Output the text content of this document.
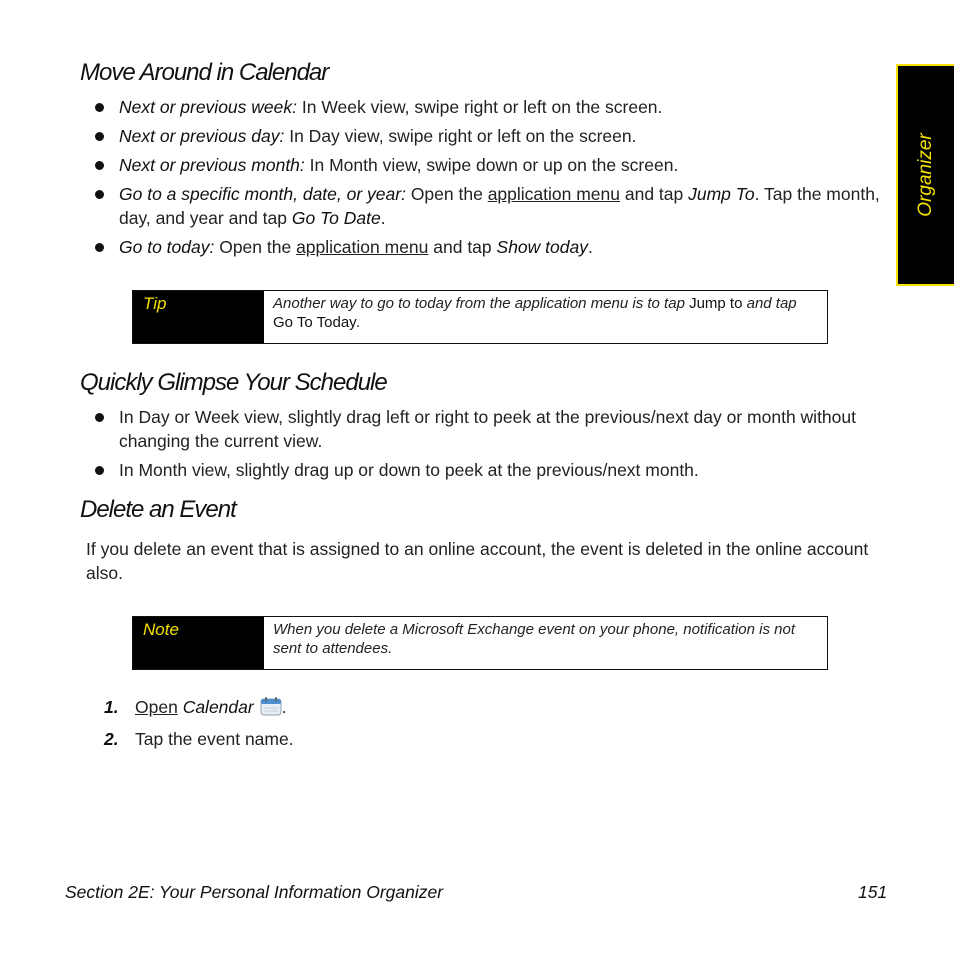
Organizer
Move Around in Calendar
Next or previous week: In Week view, swipe right or left on the screen.
Next or previous day: In Day view, swipe right or left on the screen.
Next or previous month: In Month view, swipe down or up on the screen.
Go to a specific month, date, or year: Open the application menu and tap Jump To. Tap the month, day, and year and tap Go To Date.
Go to today: Open the application menu and tap Show today.
Tip	Another way to go to today from the application menu is to tap Jump to and tap Go To Today.
Quickly Glimpse Your Schedule
In Day or Week view, slightly drag left or right to peek at the previous/next day or month without changing the current view.
In Month view, slightly drag up or down to peek at the previous/next month.
Delete an Event
If you delete an event that is assigned to an online account, the event is deleted in the online account also.
Note	When you delete a Microsoft Exchange event on your phone, notification is not sent to attendees.
1. Open Calendar .
2. Tap the event name.
Section 2E: Your Personal Information Organizer	151
